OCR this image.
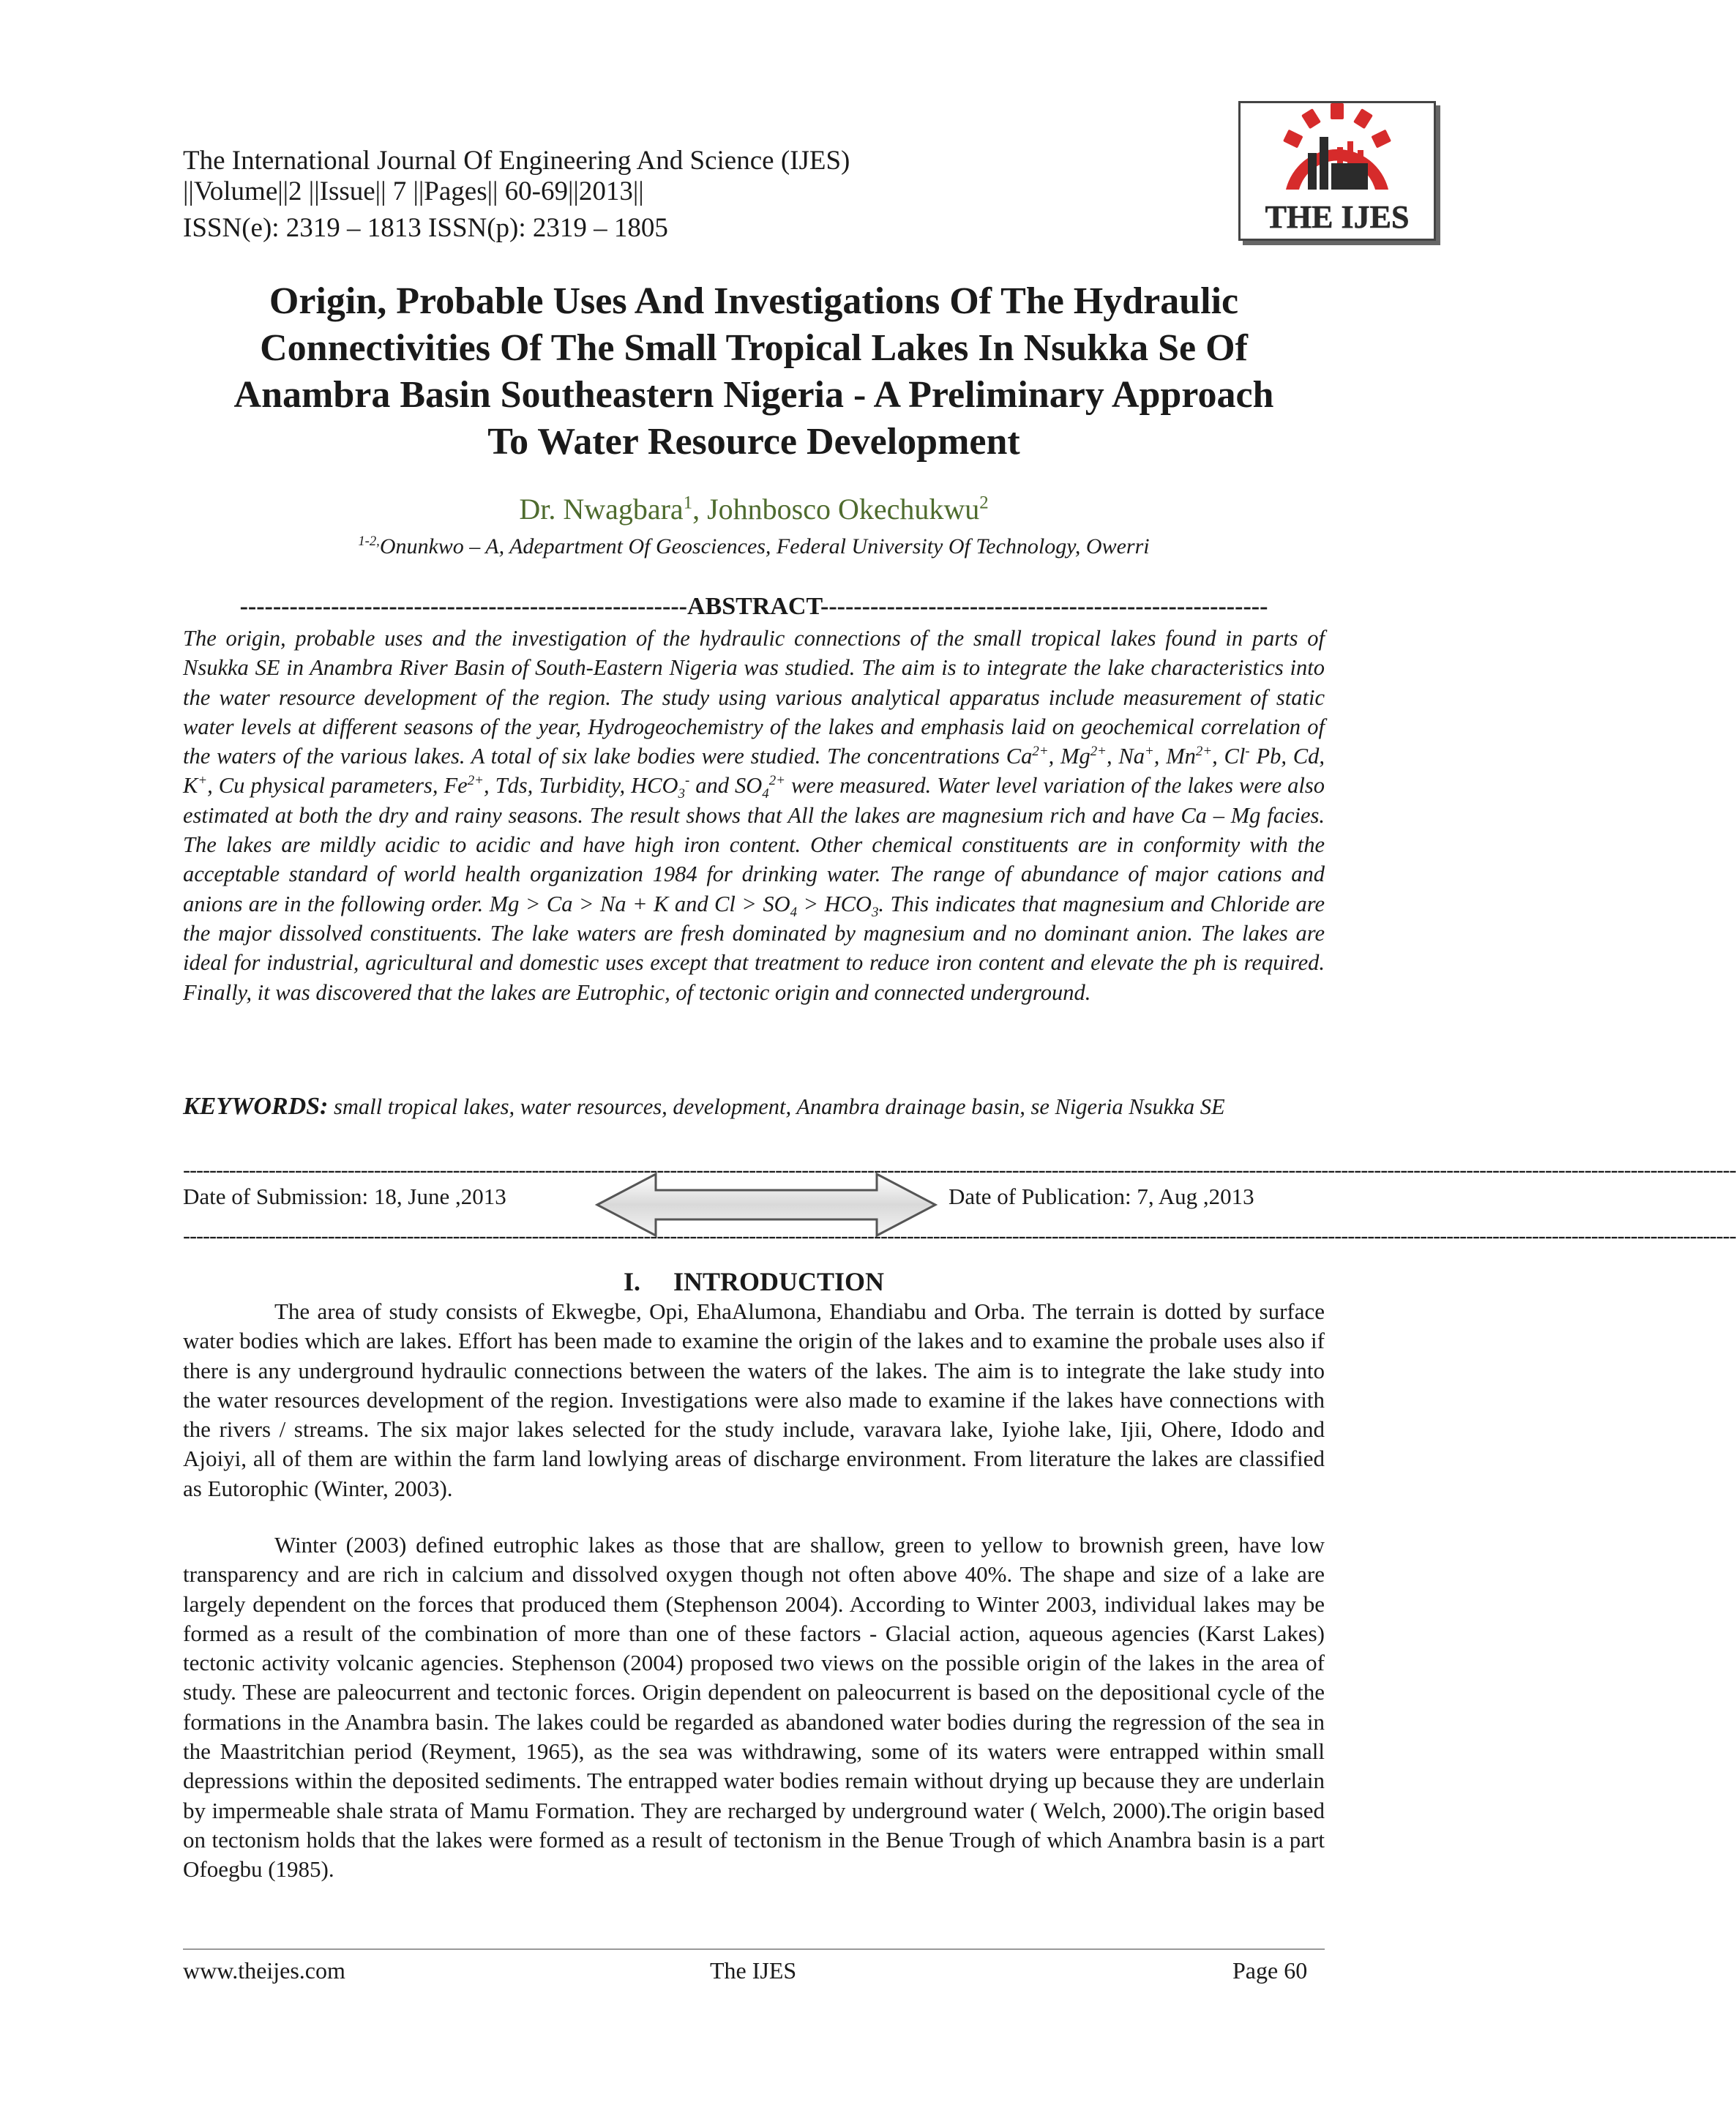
The International Journal Of Engineering And Science (IJES)
||Volume||2 ||Issue|| 7 ||Pages|| 60-69||2013||
ISSN(e): 2319 – 1813 ISSN(p): 2319 – 1805	THE IJES
Origin, Probable Uses And Investigations Of The Hydraulic
Connectivities Of The Small Tropical Lakes In Nsukka Se Of
Anambra Basin Southeastern Nigeria - A Preliminary Approach
To Water Resource Development
Dr. Nwagbara$^1$, Johnbosco Okechukwu$^2$
$^{1-2,}$Onunkwo – A, Adepartment Of Geosciences, Federal University Of Technology, Owerri
------------------------------------------------------ABSTRACT------------------------------------------------------
The origin, probable uses and the investigation of the hydraulic connections of the small tropical lakes found in parts of Nsukka SE in Anambra River Basin of South-Eastern Nigeria was studied. The aim is to integrate the lake characteristics into the water resource development of the region. The study using various analytical apparatus include measurement of static water levels at different seasons of the year, Hydrogeochemistry of the lakes and emphasis laid on geochemical correlation of the waters of the various lakes. A total of six lake bodies were studied. The concentrations $Ca^{2+}$, $Mg^{2+}$, Na+, $Mn^{2+}$, Cl- Pb, Cd, K+, Cu physical parameters, $Fe^{2+}$, Tds, Turbidity, $HCO_3^-$ and $SO_4^{2+}$ were measured. Water level variation of the lakes were also estimated at both the dry and rainy seasons. The result shows that All the lakes are magnesium rich and have Ca – Mg facies. The lakes are mildly acidic to acidic and have high iron content. Other chemical constituents are in conformity with the acceptable standard of world health organization 1984 for drinking water. The range of abundance of major cations and anions are in the following order. Mg > Ca > Na + K and $Cl > SO_4 > HCO_3$. This indicates that magnesium and Chloride are the major dissolved constituents. The lake waters are fresh dominated by magnesium and no dominant anion. The lakes are ideal for industrial, agricultural and domestic uses except that treatment to reduce iron content and elevate the ph is required. Finally, it was discovered that the lakes are Eutrophic, of tectonic origin and connected underground.
KEYWORDS: small tropical lakes, water resources, development, Anambra drainage basin, se Nigeria Nsukka SE
--------------------------------------------------------------------------------------------------------------------------------------------------------------------------------------------------------------------------------------------
Date of Submission: 18, June ,2013	Date of Publication: 7, Aug ,2013
--------------------------------------------------------------------------------------------------------------------------------------------------------------------------------------------------------------------------------------------
I. INTRODUCTION
The area of study consists of Ekwegbe, Opi, EhaAlumona, Ehandiabu and Orba. The terrain is dotted by surface water bodies which are lakes. Effort has been made to examine the origin of the lakes and to examine the probale uses also if there is any underground hydraulic connections between the waters of the lakes. The aim is to integrate the lake study into the water resources development of the region. Investigations were also made to examine if the lakes have connections with the rivers / streams. The six major lakes selected for the study include, varavara lake, Iyiohe lake, Ijii, Ohere, Idodo and Ajoiyi, all of them are within the farm land lowlying areas of discharge environment. From literature the lakes are classified as Eutorophic (Winter, 2003).
Winter (2003) defined eutrophic lakes as those that are shallow, green to yellow to brownish green, have low transparency and are rich in calcium and dissolved oxygen though not often above 40%. The shape and size of a lake are largely dependent on the forces that produced them (Stephenson 2004). According to Winter 2003, individual lakes may be formed as a result of the combination of more than one of these factors - Glacial action, aqueous agencies (Karst Lakes) tectonic activity volcanic agencies. Stephenson (2004) proposed two views on the possible origin of the lakes in the area of study. These are paleocurrent and tectonic forces. Origin dependent on paleocurrent is based on the depositional cycle of the formations in the Anambra basin. The lakes could be regarded as abandoned water bodies during the regression of the sea in the Maastritchian period (Reyment, 1965), as the sea was withdrawing, some of its waters were entrapped within small depressions within the deposited sediments. The entrapped water bodies remain without drying up because they are underlain by impermeable shale strata of Mamu Formation. They are recharged by underground water ( Welch, 2000).The origin based on tectonism holds that the lakes were formed as a result of tectonism in the Benue Trough of which Anambra basin is a part Ofoegbu (1985).
www.theijes.com	The IJES	Page 60
